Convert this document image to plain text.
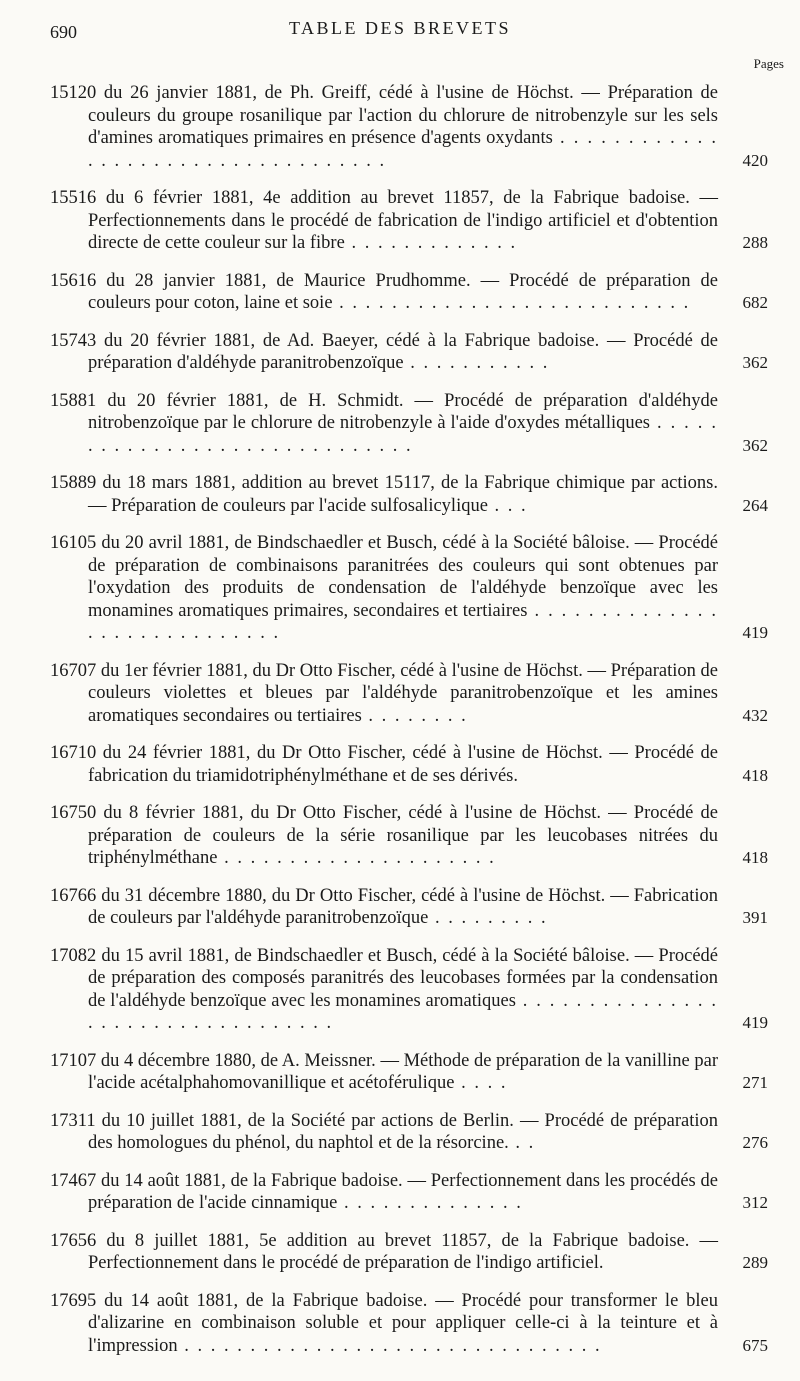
690	TABLE DES BREVETS
Pages
15120 du 26 janvier 1881, de Ph. Greiff, cédé à l'usine de Höchst. — Préparation de couleurs du groupe rosanilique par l'action du chlorure de nitrobenzyle sur les sels d'amines aromatiques primaires en présence d'agents oxydants . . . . . . . . . . . . . . . . . . . . . . . . . . . . . . . . . . .	420
15516 du 6 février 1881, 4e addition au brevet 11857, de la Fabrique badoise. — Perfectionnements dans le procédé de fabrication de l'indigo artificiel et d'obtention directe de cette couleur sur la fibre . . . . . . . . . . . . .	288
15616 du 28 janvier 1881, de Maurice Prudhomme. — Procédé de préparation de couleurs pour coton, laine et soie . . . . . . . . . . . . . . . . . . . . . . . . . . .	682
15743 du 20 février 1881, de Ad. Baeyer, cédé à la Fabrique badoise. — Procédé de préparation d'aldéhyde paranitrobenzoïque . . . . . . . . . . .	362
15881 du 20 février 1881, de H. Schmidt. — Procédé de préparation d'aldéhyde nitrobenzoïque par le chlorure de nitrobenzyle à l'aide d'oxydes métalliques . . . . . . . . . . . . . . . . . . . . . . . . . . . . . .	362
15889 du 18 mars 1881, addition au brevet 15117, de la Fabrique chimique par actions. — Préparation de couleurs par l'acide sulfosalicylique . . .	264
16105 du 20 avril 1881, de Bindschaedler et Busch, cédé à la Société bâloise. — Procédé de préparation de combinaisons paranitrées des couleurs qui sont obtenues par l'oxydation des produits de condensation de l'aldéhyde benzoïque avec les monamines aromatiques primaires, secondaires et tertiaires . . . . . . . . . . . . . . . . . . . . . . . . . . . . .	419
16707 du 1er février 1881, du Dr Otto Fischer, cédé à l'usine de Höchst. — Préparation de couleurs violettes et bleues par l'aldéhyde paranitrobenzoïque et les amines aromatiques secondaires ou tertiaires . . . . . . . .	432
16710 du 24 février 1881, du Dr Otto Fischer, cédé à l'usine de Höchst. — Procédé de fabrication du triamidotriphénylméthane et de ses dérivés.	418
16750 du 8 février 1881, du Dr Otto Fischer, cédé à l'usine de Höchst. — Procédé de préparation de couleurs de la série rosanilique par les leucobases nitrées du triphénylméthane . . . . . . . . . . . . . . . . . . . . .	418
16766 du 31 décembre 1880, du Dr Otto Fischer, cédé à l'usine de Höchst. — Fabrication de couleurs par l'aldéhyde paranitrobenzoïque . . . . . . . . .	391
17082 du 15 avril 1881, de Bindschaedler et Busch, cédé à la Société bâloise. — Procédé de préparation des composés paranitrés des leucobases formées par la condensation de l'aldéhyde benzoïque avec les monamines aromatiques . . . . . . . . . . . . . . . . . . . . . . . . . . . . . . . . . .	419
17107 du 4 décembre 1880, de A. Meissner. — Méthode de préparation de la vanilline par l'acide acétalphahomovanillique et acétoférulique . . . .	271
17311 du 10 juillet 1881, de la Société par actions de Berlin. — Procédé de préparation des homologues du phénol, du naphtol et de la résorcine. . .	276
17467 du 14 août 1881, de la Fabrique badoise. — Perfectionnement dans les procédés de préparation de l'acide cinnamique . . . . . . . . . . . . . .	312
17656 du 8 juillet 1881, 5e addition au brevet 11857, de la Fabrique badoise. — Perfectionnement dans le procédé de préparation de l'indigo artificiel.	289
17695 du 14 août 1881, de la Fabrique badoise. — Procédé pour transformer le bleu d'alizarine en combinaison soluble et pour appliquer celle-ci à la teinture et à l'impression . . . . . . . . . . . . . . . . . . . . . . . . . . . . . . . .	675
